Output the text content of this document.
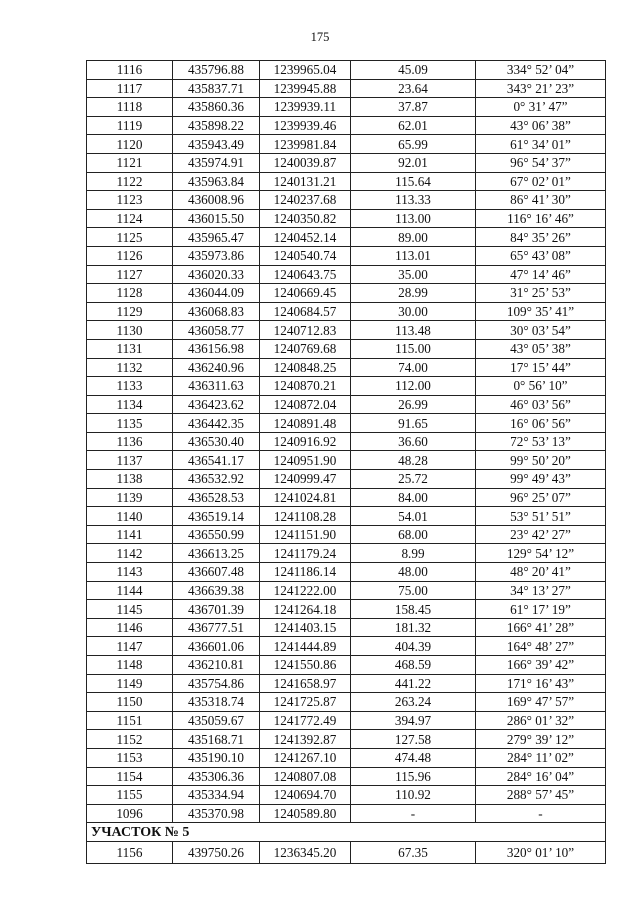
175
1116	435796.88	1239965.04	45.09	334° 52’ 04”
1117	435837.71	1239945.88	23.64	343° 21’ 23”
1118	435860.36	1239939.11	37.87	0° 31’ 47”
1119	435898.22	1239939.46	62.01	43° 06’ 38”
1120	435943.49	1239981.84	65.99	61° 34’ 01”
1121	435974.91	1240039.87	92.01	96° 54’ 37”
1122	435963.84	1240131.21	115.64	67° 02’ 01”
1123	436008.96	1240237.68	113.33	86° 41’ 30”
1124	436015.50	1240350.82	113.00	116° 16’ 46”
1125	435965.47	1240452.14	89.00	84° 35’ 26”
1126	435973.86	1240540.74	113.01	65° 43’ 08”
1127	436020.33	1240643.75	35.00	47° 14’ 46”
1128	436044.09	1240669.45	28.99	31° 25’ 53”
1129	436068.83	1240684.57	30.00	109° 35’ 41”
1130	436058.77	1240712.83	113.48	30° 03’ 54”
1131	436156.98	1240769.68	115.00	43° 05’ 38”
1132	436240.96	1240848.25	74.00	17° 15’ 44”
1133	436311.63	1240870.21	112.00	0° 56’ 10”
1134	436423.62	1240872.04	26.99	46° 03’ 56”
1135	436442.35	1240891.48	91.65	16° 06’ 56”
1136	436530.40	1240916.92	36.60	72° 53’ 13”
1137	436541.17	1240951.90	48.28	99° 50’ 20”
1138	436532.92	1240999.47	25.72	99° 49’ 43”
1139	436528.53	1241024.81	84.00	96° 25’ 07”
1140	436519.14	1241108.28	54.01	53° 51’ 51”
1141	436550.99	1241151.90	68.00	23° 42’ 27”
1142	436613.25	1241179.24	8.99	129° 54’ 12”
1143	436607.48	1241186.14	48.00	48° 20’ 41”
1144	436639.38	1241222.00	75.00	34° 13’ 27”
1145	436701.39	1241264.18	158.45	61° 17’ 19”
1146	436777.51	1241403.15	181.32	166° 41’ 28”
1147	436601.06	1241444.89	404.39	164° 48’ 27”
1148	436210.81	1241550.86	468.59	166° 39’ 42”
1149	435754.86	1241658.97	441.22	171° 16’ 43”
1150	435318.74	1241725.87	263.24	169° 47’ 57”
1151	435059.67	1241772.49	394.97	286° 01’ 32”
1152	435168.71	1241392.87	127.58	279° 39’ 12”
1153	435190.10	1241267.10	474.48	284° 11’ 02”
1154	435306.36	1240807.08	115.96	284° 16’ 04”
1155	435334.94	1240694.70	110.92	288° 57’ 45”
1096	435370.98	1240589.80	-	-
УЧАСТОК № 5				
1156	439750.26	1236345.20	67.35	320° 01’ 10”
